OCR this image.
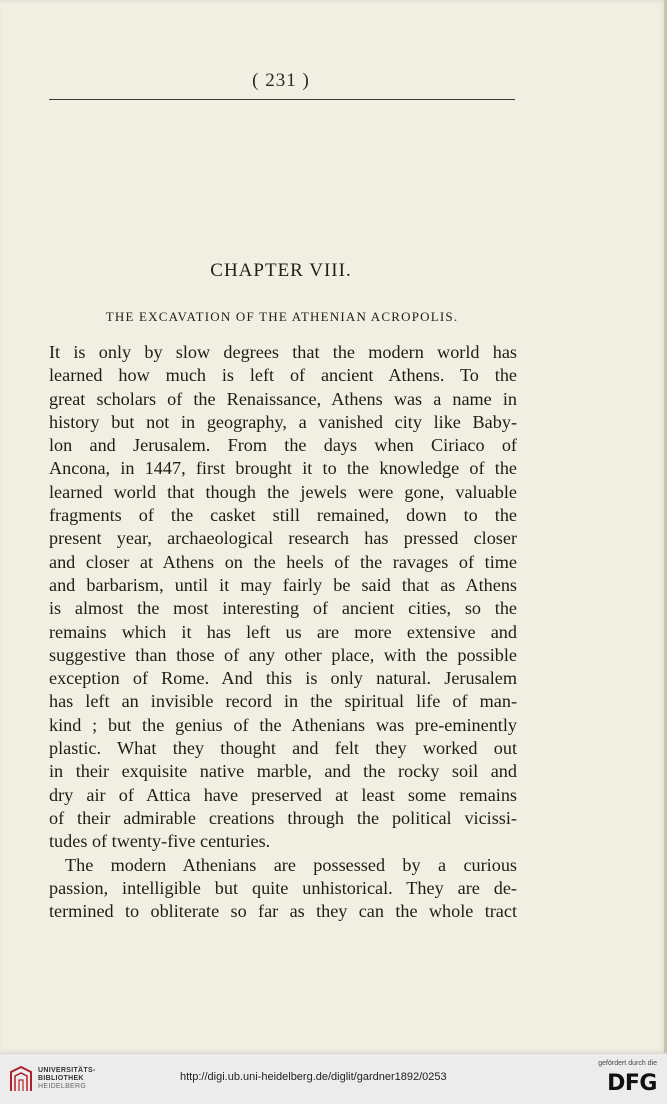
( 231 )
CHAPTER VIII.
THE EXCAVATION OF THE ATHENIAN ACROPOLIS.
It is only by slow degrees that the modern world has
learned how much is left of ancient Athens. To the
great scholars of the Renaissance, Athens was a name in
history but not in geography, a vanished city like Baby-
lon and Jerusalem. From the days when Ciriaco of
Ancona, in 1447, first brought it to the knowledge of the
learned world that though the jewels were gone, valuable
fragments of the casket still remained, down to the
present year, archaeological research has pressed closer
and closer at Athens on the heels of the ravages of time
and barbarism, until it may fairly be said that as Athens
is almost the most interesting of ancient cities, so the
remains which it has left us are more extensive and
suggestive than those of any other place, with the possible
exception of Rome. And this is only natural. Jerusalem
has left an invisible record in the spiritual life of man-
kind ; but the genius of the Athenians was pre-eminently
plastic. What they thought and felt they worked out
in their exquisite native marble, and the rocky soil and
dry air of Attica have preserved at least some remains
of their admirable creations through the political vicissi-
tudes of twenty-five centuries.
The modern Athenians are possessed by a curious
passion, intelligible but quite unhistorical. They are de-
termined to obliterate so far as they can the whole tract
UNIVERSITÄTS-
BIBLIOTHEK
HEIDELBERG
http://digi.ub.uni-heidelberg.de/diglit/gardner1892/0253
gefördert durch die
DFG
